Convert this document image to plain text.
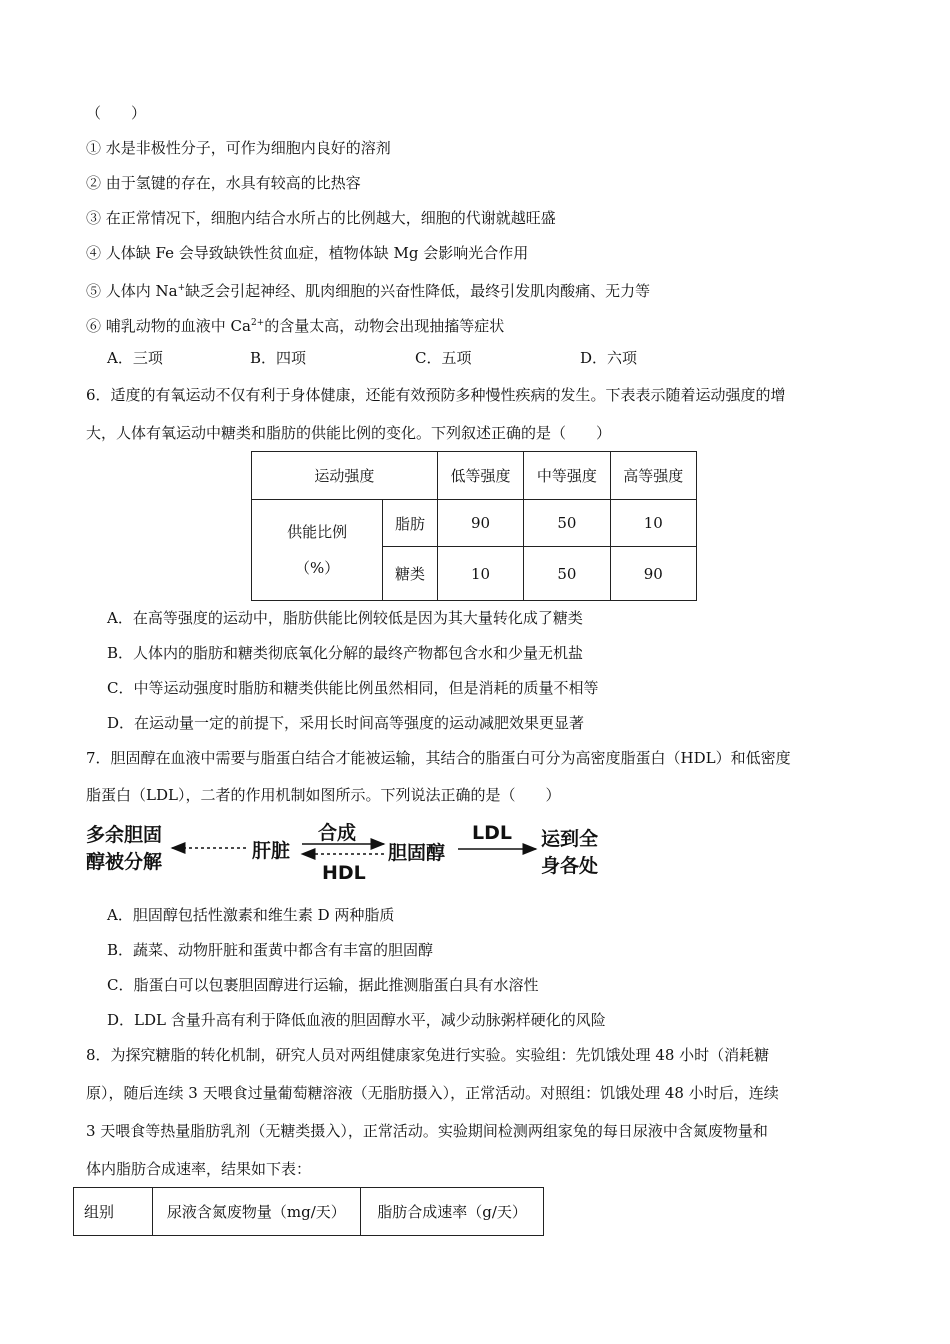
（　　）
① 水是非极性分子，可作为细胞内良好的溶剂
② 由于氢键的存在，水具有较高的比热容
③ 在正常情况下，细胞内结合水所占的比例越大，细胞的代谢就越旺盛
④ 人体缺 Fe 会导致缺铁性贫血症，植物体缺 Mg 会影响光合作用
⑤ 人体内 Na+缺乏会引起神经、肌肉细胞的兴奋性降低，最终引发肌肉酸痛、无力等
⑥ 哺乳动物的血液中 $Ca^{2+}$的含量太高，动物会出现抽搐等症状
A．三项	B．四项	C．五项	D．六项
6．适度的有氧运动不仅有利于身体健康，还能有效预防多种慢性疾病的发生。下表表示随着运动强度的增
大，人体有氧运动中糖类和脂肪的供能比例的变化。下列叙述正确的是（　　）
运动强度		低等强度	中等强度	高等强度

供能比例
（%）	脂肪	90	50	10
	糖类	10	50	90
A．在高等强度的运动中，脂肪供能比例较低是因为其大量转化成了糖类
B．人体内的脂肪和糖类彻底氧化分解的最终产物都包含水和少量无机盐
C．中等运动强度时脂肪和糖类供能比例虽然相同，但是消耗的质量不相等
D．在运动量一定的前提下，采用长时间高等强度的运动减肥效果更显著
7．胆固醇在血液中需要与脂蛋白结合才能被运输，其结合的脂蛋白可分为高密度脂蛋白（HDL）和低密度
脂蛋白（LDL），二者的作用机制如图所示。下列说法正确的是（　　）
多余胆固
醇被分解	肝脏
合成
HDL
胆固醇
LDL 运到全
身各处
A．胆固醇包括性激素和维生素 D 两种脂质
B．蔬菜、动物肝脏和蛋黄中都含有丰富的胆固醇
C．脂蛋白可以包裹胆固醇进行运输，据此推测脂蛋白具有水溶性
D．LDL 含量升高有利于降低血液的胆固醇水平，减少动脉粥样硬化的风险
8．为探究糖脂的转化机制，研究人员对两组健康家兔进行实验。实验组：先饥饿处理 48 小时（消耗糖
原），随后连续 3 天喂食过量葡萄糖溶液（无脂肪摄入），正常活动。对照组：饥饿处理 48 小时后，连续
3 天喂食等热量脂肪乳剂（无糖类摄入），正常活动。实验期间检测两组家兔的每日尿液中含氮废物量和
体内脂肪合成速率，结果如下表：
组别	尿液含氮废物量（mg/天）	脂肪合成速率（g/天）
